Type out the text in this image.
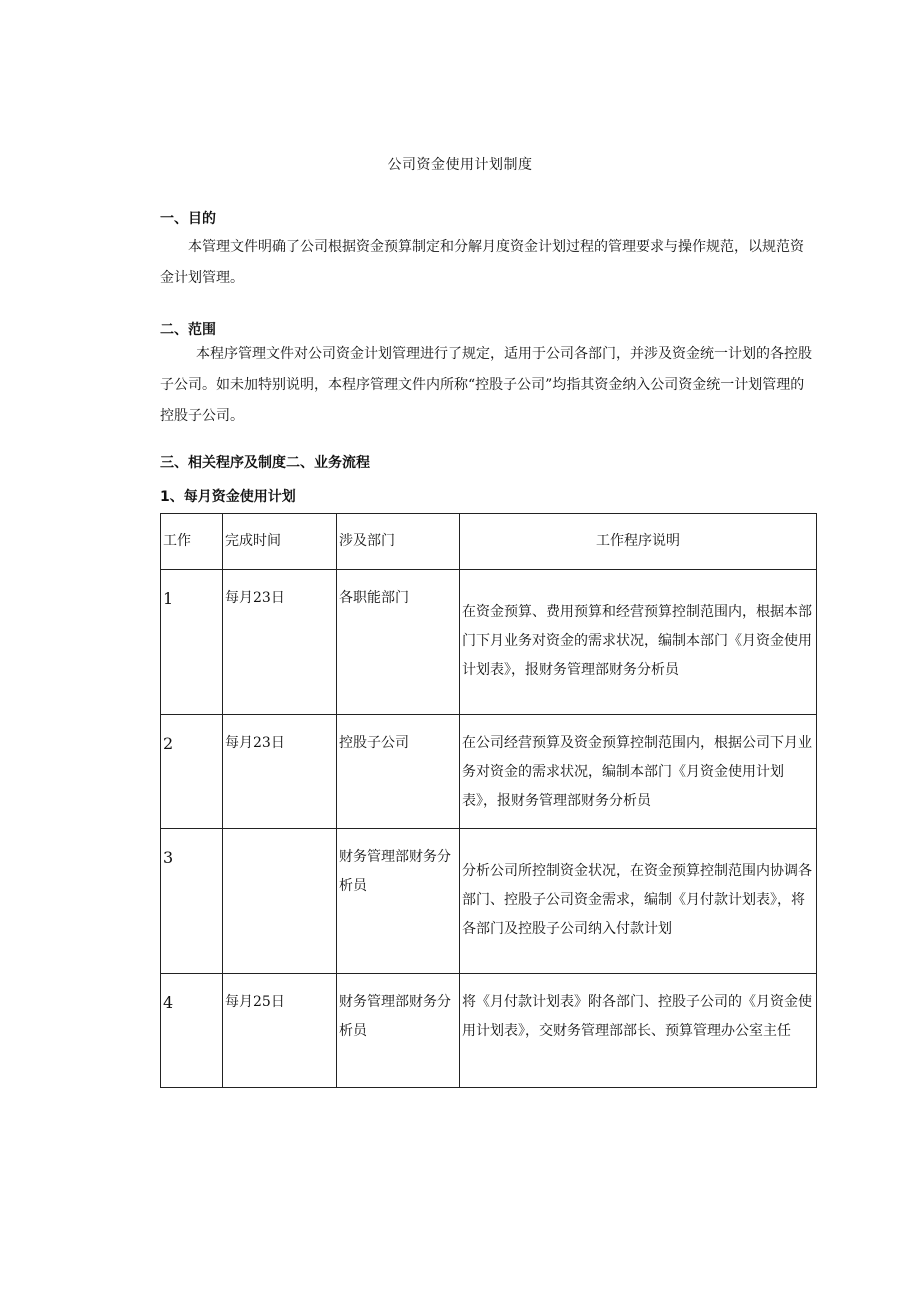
公司资金使用计划制度
一、目的

本管理文件明确了公司根据资金预算制定和分解月度资金计划过程的管理要求与操作规范，以规范资金计划管理。

二、范围

本程序管理文件对公司资金计划管理进行了规定，适用于公司各部门，并涉及资金统一计划的各控股子公司。如未加特别说明，本程序管理文件内所称“控股子公司”均指其资金纳入公司资金统一计划管理的控股子公司。

三、相关程序及制度二、业务流程
1、每月资金使用计划
工作	完成时间	涉及部门	工作程序说明

1	每月23日	各职能部门	在资金预算、费用预算和经营预算控制范围内，根据本部门下月业务对资金的需求状况，编制本部门《月资金使用计划表》，报财务管理部财务分析员

2	每月23日	控股子公司	在公司经营预算及资金预算控制范围内，根据公司下月业务对资金的需求状况，编制本部门《月资金使用计划表》，报财务管理部财务分析员

3		财务管理部财务分析员	分析公司所控制资金状况，在资金预算控制范围内协调各部门、控股子公司资金需求，编制《月付款计划表》，将各部门及控股子公司纳入付款计划

4	每月25日	财务管理部财务分析员	将《月付款计划表》附各部门、控股子公司的《月资金使用计划表》，交财务管理部部长、预算管理办公室主任
